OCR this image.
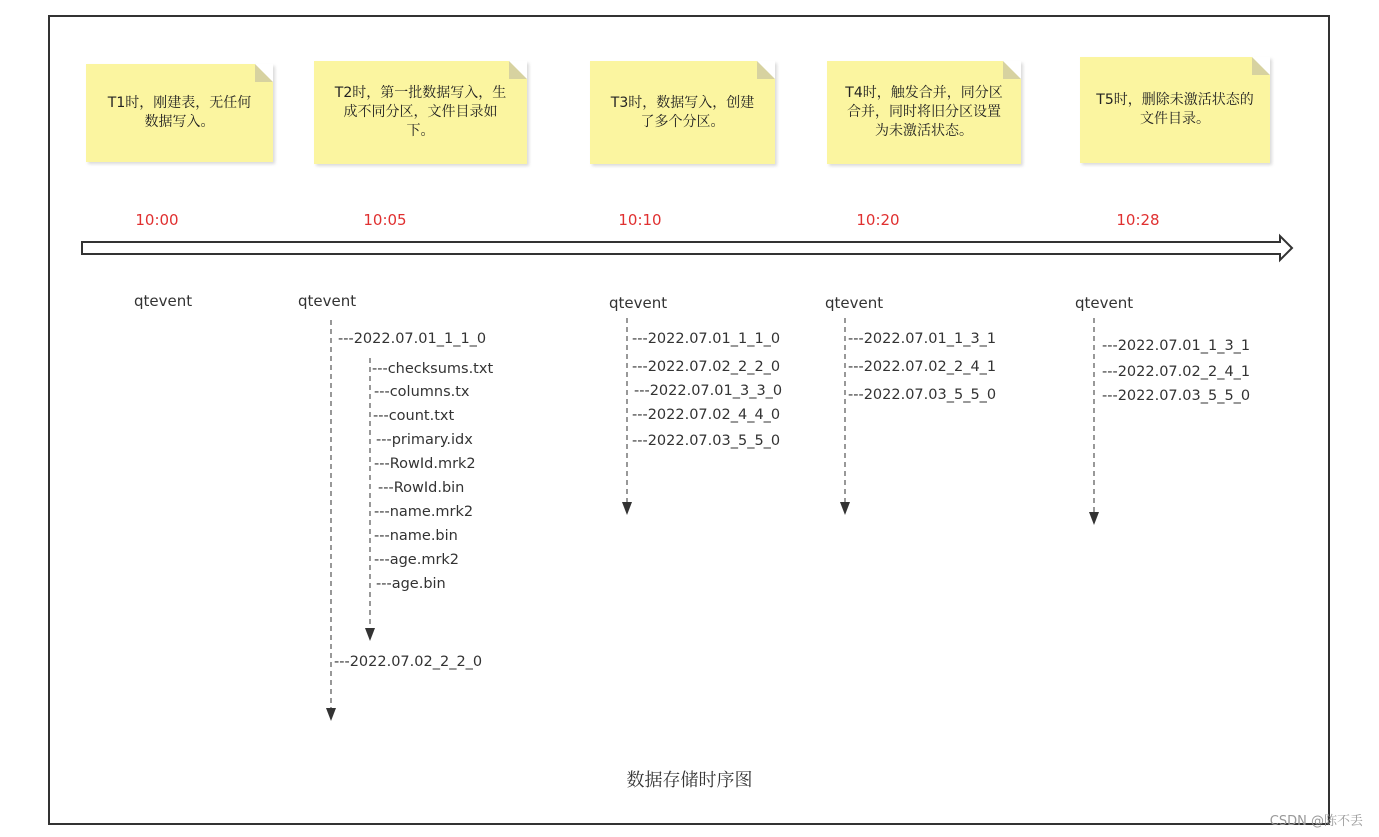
T1时，刚建表，无任何数据写入。
T2时，第一批数据写入，生成不同分区，文件目录如下。
T3时，数据写入，创建了多个分区。
T4时，触发合并，同分区合并，同时将旧分区设置为未激活状态。
T5时，删除未激活状态的文件目录。
10:00	10:05	10:10	10:20	10:28
qtevent	qtevent	qtevent	qtevent	qtevent
---2022.07.01_1_1_0
---checksums.txt
---columns.tx
---count.txt
---primary.idx
---RowId.mrk2
---RowId.bin
---name.mrk2
---name.bin
---age.mrk2
---age.bin
---2022.07.02_2_2_0
---2022.07.01_1_1_0
---2022.07.02_2_2_0
---2022.07.01_3_3_0
---2022.07.02_4_4_0
---2022.07.03_5_5_0
---2022.07.01_1_3_1
---2022.07.02_2_4_1
---2022.07.03_5_5_0
---2022.07.01_1_3_1
---2022.07.02_2_4_1
---2022.07.03_5_5_0
数据存储时序图
CSDN @陈不丢
